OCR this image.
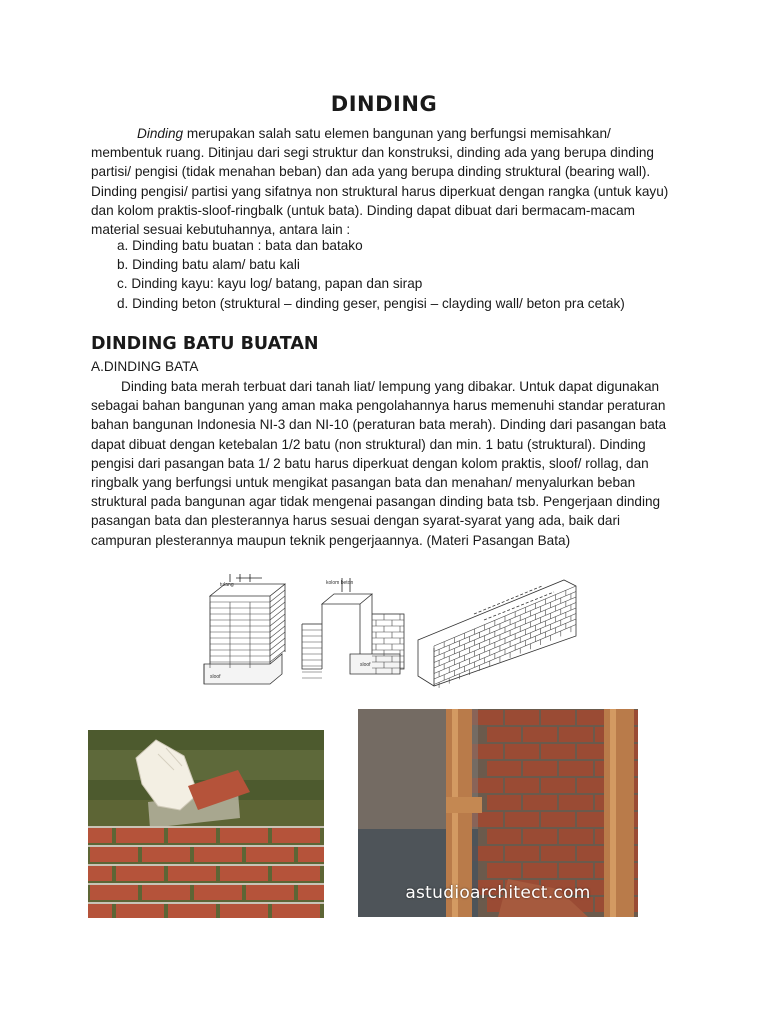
DINDING
Dinding merupakan salah satu elemen bangunan yang berfungsi memisahkan/
membentuk ruang. Ditinjau dari segi struktur dan konstruksi, dinding ada yang berupa dinding
partisi/ pengisi (tidak menahan beban) dan ada yang berupa dinding struktural (bearing wall).
Dinding pengisi/ partisi yang sifatnya non struktural harus diperkuat dengan rangka (untuk kayu)
dan kolom praktis-sloof-ringbalk (untuk bata). Dinding dapat dibuat dari bermacam-macam
material sesuai kebutuhannya, antara lain :
a. Dinding batu buatan : bata dan batako
b. Dinding batu alam/ batu kali
c. Dinding kayu: kayu log/ batang, papan dan sirap
d. Dinding beton (struktural – dinding geser, pengisi – clayding wall/ beton pra cetak)
DINDING BATU BUATAN
A.DINDING BATA
Dinding bata merah terbuat dari tanah liat/ lempung yang dibakar. Untuk dapat digunakan
sebagai bahan bangunan yang aman maka pengolahannya harus memenuhi standar peraturan
bahan bangunan Indonesia NI-3 dan NI-10 (peraturan bata merah). Dinding dari pasangan bata
dapat dibuat dengan ketebalan 1/2 batu (non struktural) dan min. 1 batu (struktural). Dinding
pengisi dari pasangan bata 1/ 2 batu harus diperkuat dengan kolom praktis, sloof/ rollag, dan
ringbalk yang berfungsi untuk mengikat pasangan bata dan menahan/ menyalurkan beban
struktural pada bangunan agar tidak mengenai pasangan dinding bata tsb. Pengerjaan dinding
pasangan bata dan plesterannya harus sesuai dengan syarat-syarat yang ada, baik dari
campuran plesterannya maupun teknik pengerjaannya. (Materi Pasangan Bata)
tulang
sloof
kolom beton
sloof
astudioarchitect.com
